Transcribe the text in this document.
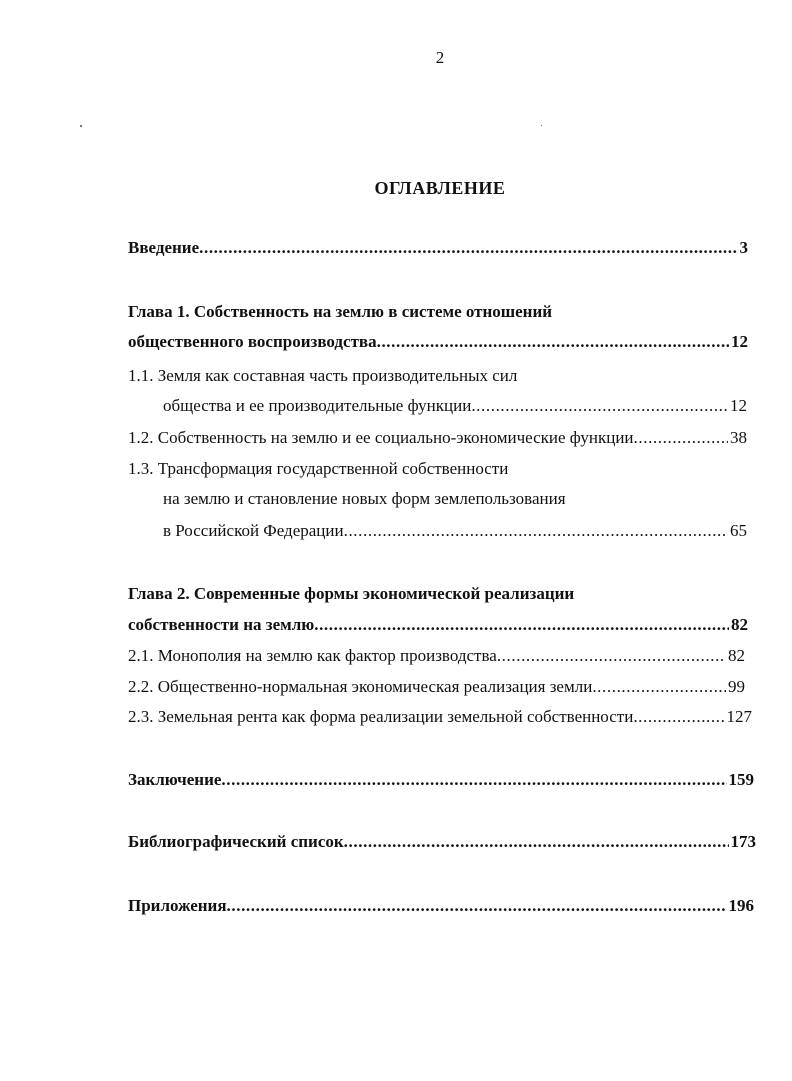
2
ОГЛАВЛЕНИЕ
Введение .....	3
Глава 1. Собственность на землю в системе отношений
общественного воспроизводства .....	12
1.1. Земля как составная часть производительных сил
общества и ее производительные функции .....	12
1.2. Собственность на землю и ее социально-экономические функции .....	38
1.3. Трансформация государственной собственности
на землю и становление новых форм землепользования
в Российской Федерации .....	65
Глава 2. Современные формы экономической реализации
собственности на землю .....	82
2.1. Монополия на землю как фактор производства .....	82
2.2. Общественно-нормальная экономическая реализация земли .....	99
2.3. Земельная рента как форма реализации земельной собственности .....	127
Заключение .....	159
Библиографический список .....	173
Приложения .....	196
